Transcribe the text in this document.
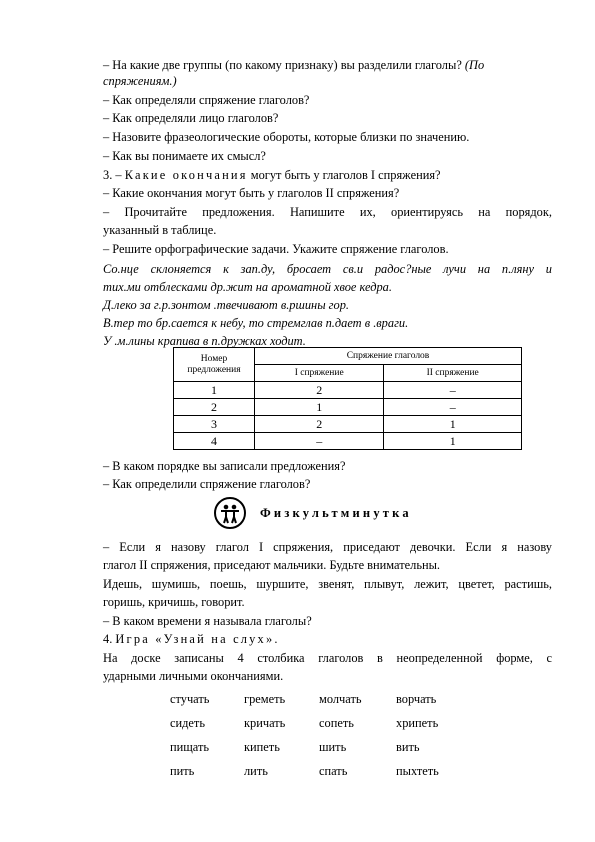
– На какие две группы (по какому признаку) вы разделили глаголы? (По
спряжениям.)
– Как определяли спряжение глаголов?
– Как определяли лицо глаголов?
– Назовите фразеологические обороты, которые близки по значению.
– Как вы понимаете их смысл?
3. – Какие окончания могут быть у глаголов I спряжения?
– Какие окончания могут быть у глаголов II спряжения?
– Прочитайте предложения. Напишите их, ориентируясь на порядок,
указанный в таблице.
– Решите орфографические задачи. Укажите спряжение глаголов.
Со.нце склоняется к зап.ду, бросает св.и радос?ные лучи на п.ляну и
тих.ми отблесками др.жит на ароматной хвое кедра.
Д.леко за г.р.зонтом .твечивают в.ршины гор.
В.тер то бр.сается к небу, то стремглав п.дает в .враги.
У .м.лины крапива в п.дружках ходит.
Номер предложения	Спряжение глаголов	
	I спряжение	II спряжение
1	2	–
2	1	–
3	2	1
4	–	1
– В каком порядке вы записали предложения?
– Как определили спряжение глаголов?
Физкультминутка
– Если я назову глагол I спряжения, приседают девочки. Если я назову
глагол II спряжения, приседают мальчики. Будьте внимательны.
Идешь, шумишь, поешь, шуршите, звенят, плывут, лежит, цветет, растишь,
горишь, кричишь, говорит.
– В каком времени я называла глаголы?
4. Игра «Узнай на слух».
На доске записаны 4 столбика глаголов в неопределенной форме, с
ударными личными окончаниями.
стучать	греметь	молчать	ворчать
сидеть	кричать	сопеть	хрипеть
пищать	кипеть	шить	вить
пить	лить	спать	пыхтеть
